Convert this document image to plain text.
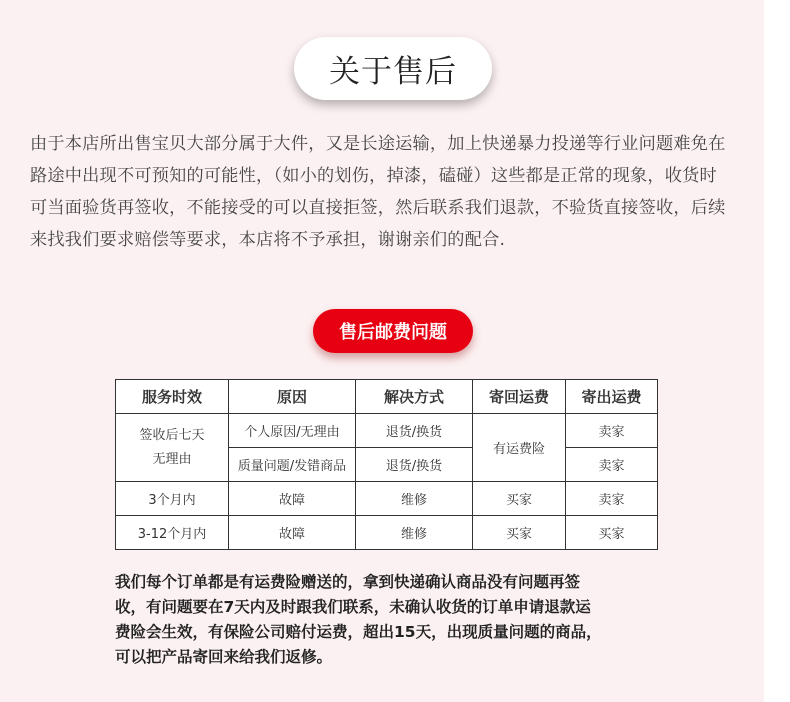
关于售后

由于本店所出售宝贝大部分属于大件，又是长途运输，加上快递暴力投递等行业问题难免在

路途中出现不可预知的可能性，（如小的划伤，掉漆，磕碰）这些都是正常的现象，收货时

可当面验货再签收，不能接受的可以直接拒签，然后联系我们退款，不验货直接签收，后续

来找我们要求赔偿等要求，本店将不予承担，谢谢亲们的配合.

售后邮费问题
服务时效	原因	解决方式	寄回运费	寄出运费

签收后七天
无理由	个人原因/无理由	退货/换货	有运费险	卖家
	质量问题/发错商品	退货/换货		卖家
3个月内	故障	维修	买家	卖家
3-12个月内	故障	维修	买家	买家

我们每个订单都是有运费险赠送的，拿到快递确认商品没有问题再签

收，有问题要在7天内及时跟我们联系，未确认收货的订单申请退款运

费险会生效，有保险公司赔付运费，超出15天，出现质量问题的商品，

可以把产品寄回来给我们返修。
